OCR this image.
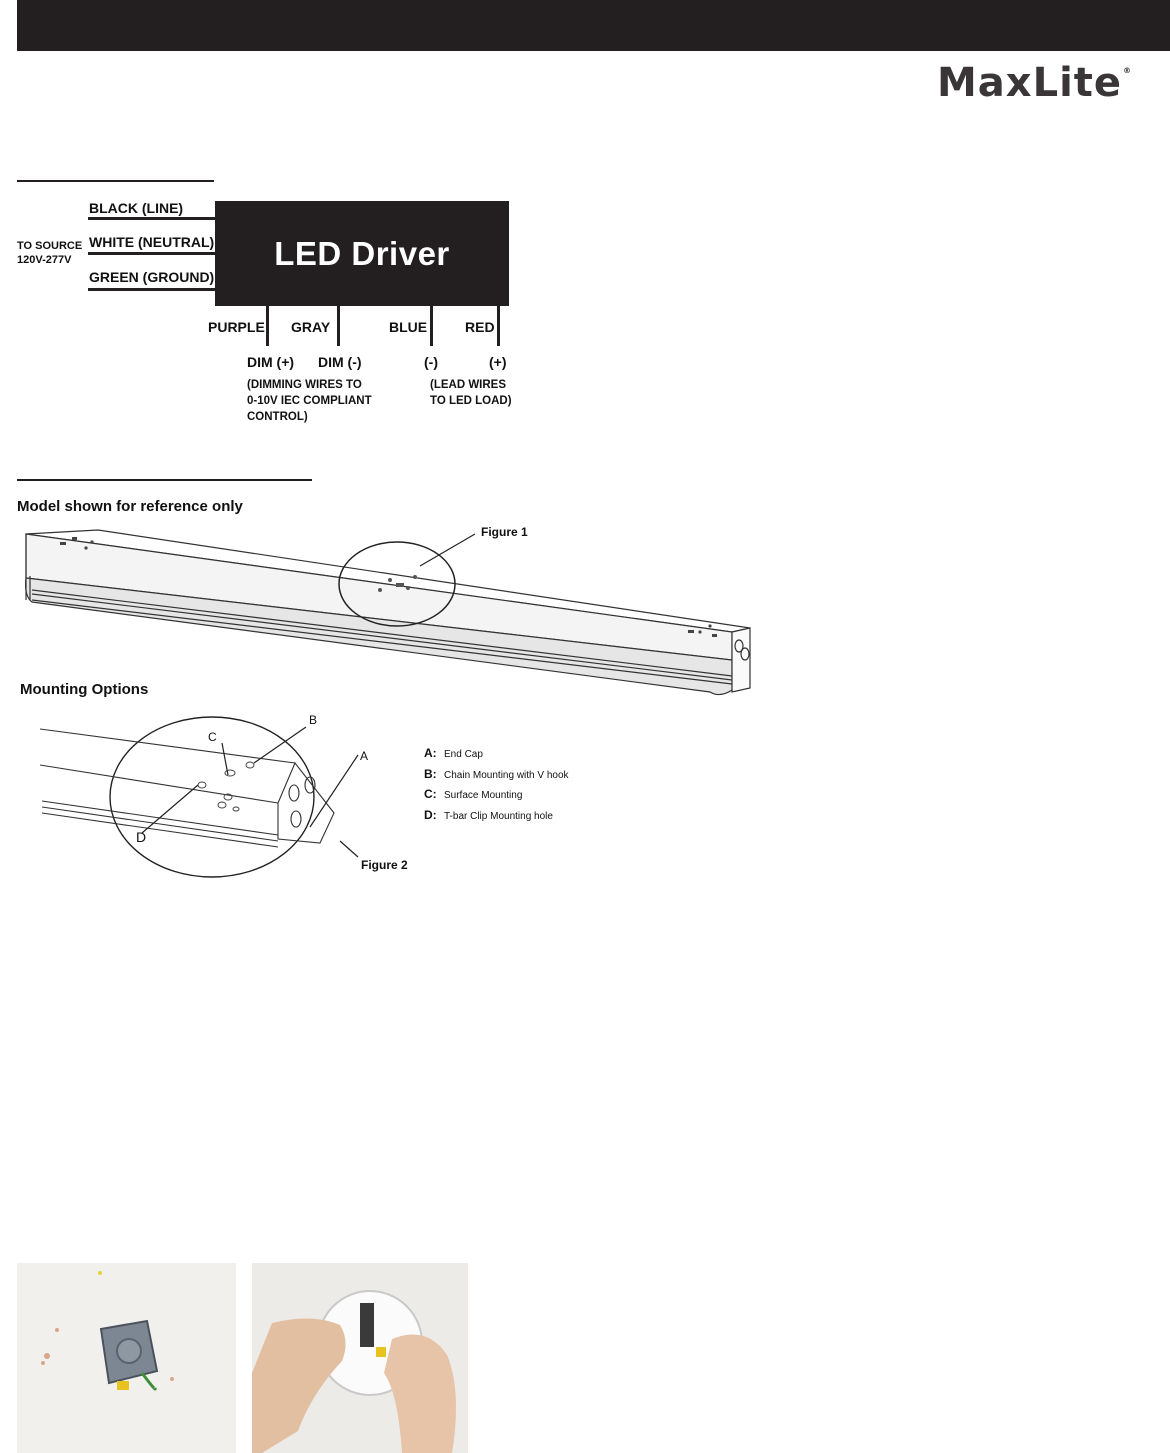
MaxLite®
TO SOURCE
120V-277V
BLACK (LINE)
WHITE (NEUTRAL)
GREEN (GROUND)
LED Driver
PURPLE GRAY	BLUE	RED
DIM (+) DIM (-)	(-)	(+)
(DIMMING WIRES TO
0-10V IEC COMPLIANT
CONTROL)
(LEAD WIRES
TO LED LOAD)
Model shown for reference only
Figure 1
Mounting Options
B
C
A
D
Figure 2
A: End Cap
B: Chain Mounting with V hook
C: Surface Mounting
D: T-bar Clip Mounting hole
